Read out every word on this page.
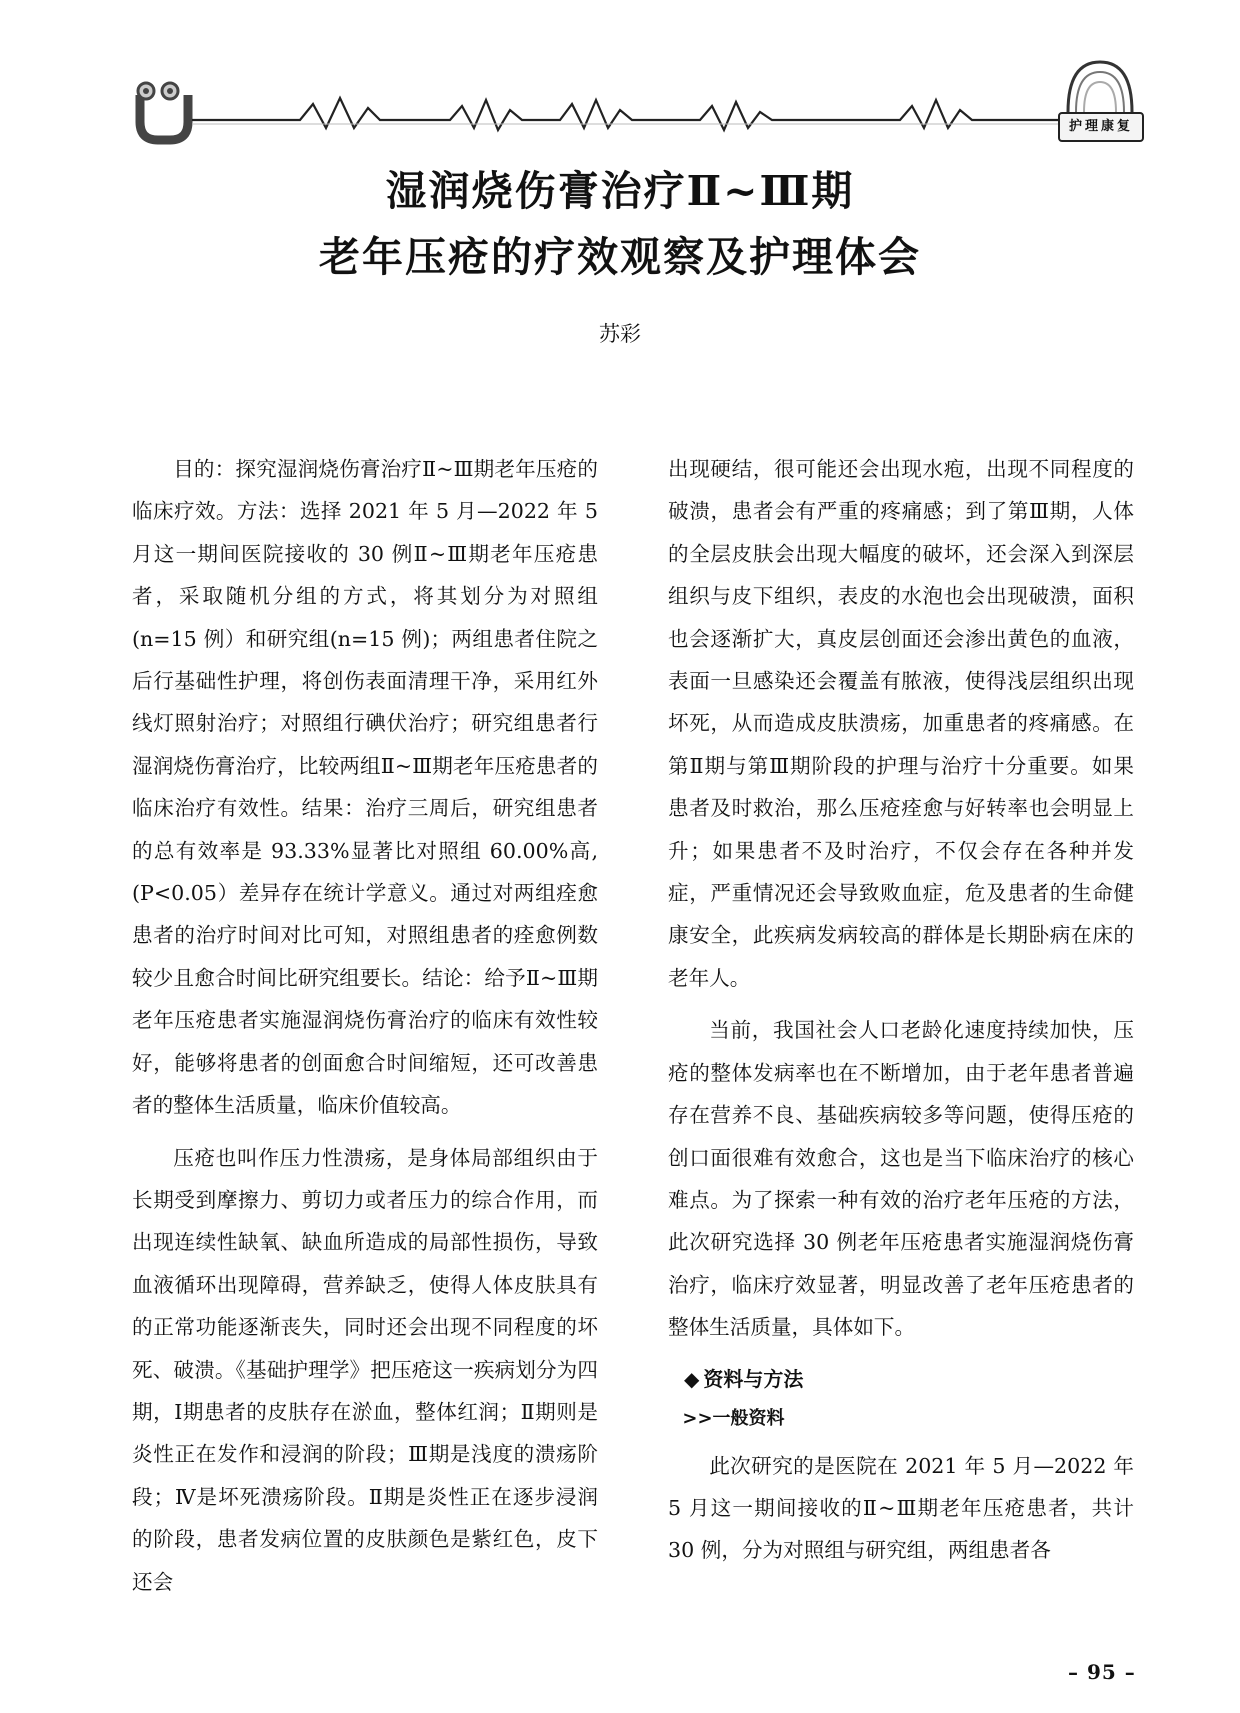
护理康复
湿润烧伤膏治疗Ⅱ~Ⅲ期
老年压疮的疗效观察及护理体会
苏彩

目的：探究湿润烧伤膏治疗Ⅱ~Ⅲ期老年压疮的临床疗效。方法：选择 2021 年 5 月—2022 年 5 月这一期间医院接收的 30 例Ⅱ~Ⅲ期老年压疮患者，采取随机分组的方式，将其划分为对照组(n=15 例）和研究组(n=15 例)；两组患者住院之后行基础性护理，将创伤表面清理干净，采用红外线灯照射治疗；对照组行碘伏治疗；研究组患者行湿润烧伤膏治疗，比较两组Ⅱ~Ⅲ期老年压疮患者的临床治疗有效性。结果：治疗三周后，研究组患者的总有效率是 93.33%显著比对照组 60.00%高,(P<0.05）差异存在统计学意义。通过对两组痊愈患者的治疗时间对比可知，对照组患者的痊愈例数较少且愈合时间比研究组要长。结论：给予Ⅱ~Ⅲ期老年压疮患者实施湿润烧伤膏治疗的临床有效性较好，能够将患者的创面愈合时间缩短，还可改善患者的整体生活质量，临床价值较高。

压疮也叫作压力性溃疡，是身体局部组织由于长期受到摩擦力、剪切力或者压力的综合作用，而出现连续性缺氧、缺血所造成的局部性损伤，导致血液循环出现障碍，营养缺乏，使得人体皮肤具有的正常功能逐渐丧失，同时还会出现不同程度的坏死、破溃。《基础护理学》把压疮这一疾病划分为四期，Ⅰ期患者的皮肤存在淤血，整体红润；Ⅱ期则是炎性正在发作和浸润的阶段；Ⅲ期是浅度的溃疡阶段；Ⅳ是坏死溃疡阶段。Ⅱ期是炎性正在逐步浸润的阶段，患者发病位置的皮肤颜色是紫红色，皮下还会

出现硬结，很可能还会出现水疱，出现不同程度的破溃，患者会有严重的疼痛感；到了第Ⅲ期，人体的全层皮肤会出现大幅度的破坏，还会深入到深层组织与皮下组织，表皮的水泡也会出现破溃，面积也会逐渐扩大，真皮层创面还会渗出黄色的血液，表面一旦感染还会覆盖有脓液，使得浅层组织出现坏死，从而造成皮肤溃疡，加重患者的疼痛感。在第Ⅱ期与第Ⅲ期阶段的护理与治疗十分重要。如果患者及时救治，那么压疮痊愈与好转率也会明显上升；如果患者不及时治疗，不仅会存在各种并发症，严重情况还会导致败血症，危及患者的生命健康安全，此疾病发病较高的群体是长期卧病在床的老年人。

当前，我国社会人口老龄化速度持续加快，压疮的整体发病率也在不断增加，由于老年患者普遍存在营养不良、基础疾病较多等问题，使得压疮的创口面很难有效愈合，这也是当下临床治疗的核心难点。为了探索一种有效的治疗老年压疮的方法，此次研究选择 30 例老年压疮患者实施湿润烧伤膏治疗，临床疗效显著，明显改善了老年压疮患者的整体生活质量，具体如下。

◆ 资料与方法
>>一般资料

此次研究的是医院在 2021 年 5 月—2022 年 5 月这一期间接收的Ⅱ~Ⅲ期老年压疮患者，共计 30 例，分为对照组与研究组，两组患者各

– 95 –
